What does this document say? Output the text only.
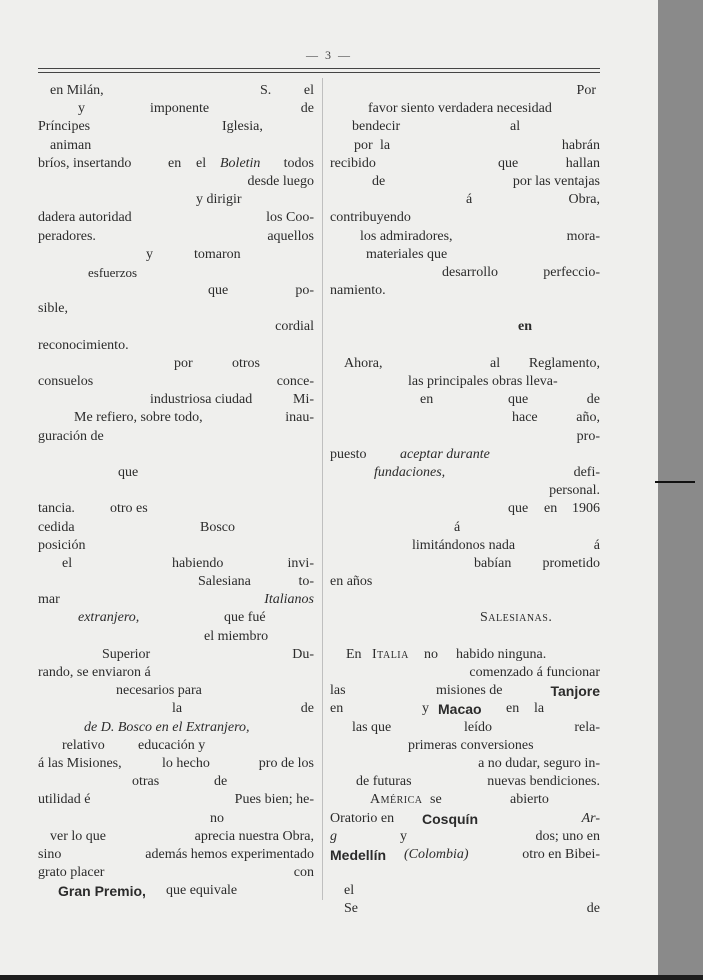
— 3 —
en Milán,	S. el
y	imponente	de
Príncipes	Iglesia,
animan
bríos, insertando	en el Boletin todos
desde luego
y dirigir
dadera autoridad	los Coo-
peradores.	aquellos
y	tomaron
esfuerzos
que	po-
sible,
cordial
reconocimiento.
por	otros
consuelos	conce-
industriosa ciudad	Mi-
Me refiero, sobre todo,	inau-
guración de
que
tancia.	otro es
cedida	Bosco
posición
el	habiendo	invi-
Salesiana	to-
mar	Italianos
extranjero,	que fué
el miembro
Superior	Du-
rando, se enviaron á
necesarios para
la	de
de D. Bosco en el Extranjero,
relativo educación y
á las Misiones,	lo hecho	pro de los
otras	de
utilidad é	Pues bien; he-
no
ver lo que	aprecia nuestra Obra,
sino	además hemos experimentado
grato placer	con
Gran Premio, que equivale
Por
favor siento verdadera necesidad
bendecir	al
por la	habrán
recibido	que	hallan
de	por las ventajas
á	Obra,
contribuyendo
los admiradores,	mora-
materiales que
desarrollo	perfeccio-
namiento.
en
Ahora,	al Reglamento,
las principales obras lleva-
en	que	de
hace	año,
pro-
puesto aceptar durante
fundaciones,	defi-
personal.
que en 1906
á
limitándonos nada	á
babían prometido
en años
Salesianas.
En Italia no habido ninguna.
comenzado á funcionar
las	misiones de	Tanjore
en	y Macao en la
las que	leído	rela-
primeras conversiones
a no dudar, seguro in-
de futuras	nuevas bendiciones.
América se	abierto
Oratorio en Cosquín	Ar-
g	y	dos; uno en
Medellín (Colombia)	otro en Bibei-
el
Se	de
